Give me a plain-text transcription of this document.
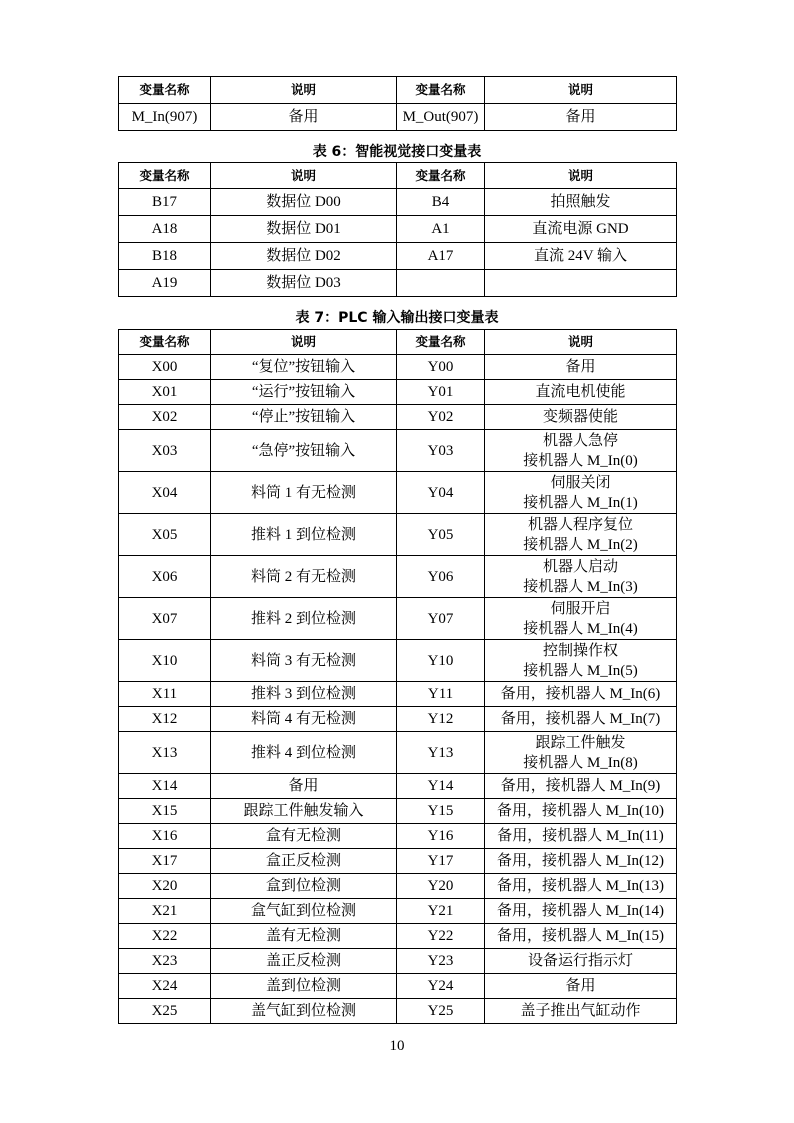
变量名称	说明	变量名称	说明
M_In(907)	备用	M_Out(907)	备用
表 6：智能视觉接口变量表
变量名称	说明	变量名称	说明
B17	数据位 D00	B4	拍照触发
A18	数据位 D01	A1	直流电源 GND
B18	数据位 D02	A17	直流 24V 输入
A19	数据位 D03		
表 7：PLC 输入输出接口变量表
变量名称	说明	变量名称	说明
X00	“复位”按钮输入	Y00	备用

X01	“运行”按钮输入	Y01	直流电机使能

X02	“停止”按钮输入	Y02	变频器使能

X03	“急停”按钮输入	Y03	机器人急停
接机器人 M_In(0)

X04	料筒 1 有无检测	Y04	伺服关闭
接机器人 M_In(1)

X05	推料 1 到位检测	Y05	机器人程序复位
接机器人 M_In(2)

X06	料筒 2 有无检测	Y06	机器人启动
接机器人 M_In(3)

X07	推料 2 到位检测	Y07	伺服开启
接机器人 M_In(4)

X10	料筒 3 有无检测	Y10	控制操作权
接机器人 M_In(5)

X11	推料 3 到位检测	Y11	备用，接机器人 M_In(6)

X12	料筒 4 有无检测	Y12	备用，接机器人 M_In(7)

X13	推料 4 到位检测	Y13	跟踪工件触发
接机器人 M_In(8)

X14	备用	Y14	备用，接机器人 M_In(9)

X15	跟踪工件触发输入	Y15	备用，接机器人 M_In(10)

X16	盒有无检测	Y16	备用，接机器人 M_In(11)

X17	盒正反检测	Y17	备用，接机器人 M_In(12)

X20	盒到位检测	Y20	备用，接机器人 M_In(13)

X21	盒气缸到位检测	Y21	备用，接机器人 M_In(14)

X22	盖有无检测	Y22	备用，接机器人 M_In(15)

X23	盖正反检测	Y23	设备运行指示灯

X24	盖到位检测	Y24	备用

X25	盖气缸到位检测	Y25	盖子推出气缸动作
10
